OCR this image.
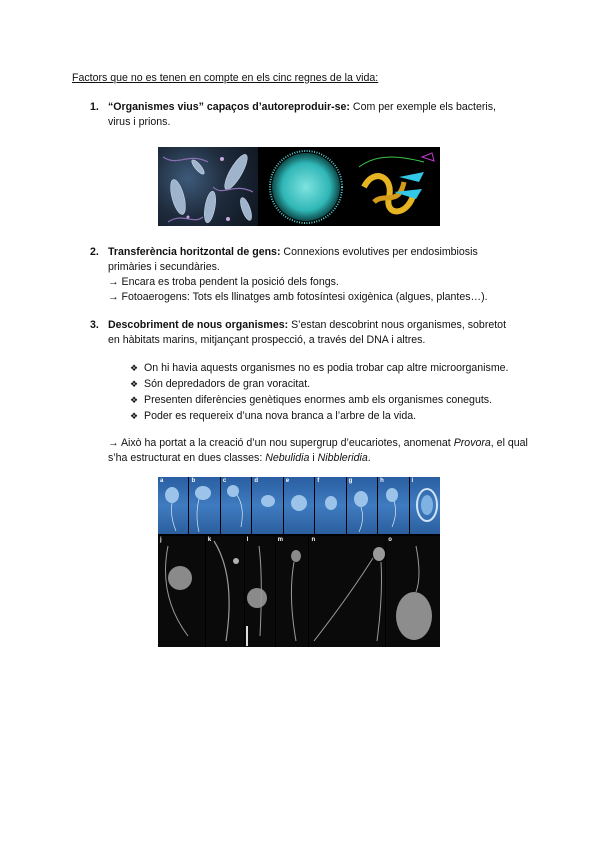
Factors que no es tenen en compte en els cinc regnes de la vida:
1. “Organismes vius” capaços d’autoreproduir-se: Com per exemple els bacteris,
virus i prions.
2. Transferència horitzontal de gens: Connexions evolutives per endosimbiosis
primàries i secundàries.
→ Encara es troba pendent la posició dels fongs.
→ Fotoaerogens: Tots els llinatges amb fotosíntesi oxigènica (algues, plantes…).
3. Descobriment de nous organismes: S’estan descobrint nous organismes, sobretot
en hàbitats marins, mitjançant prospecció, a través del DNA i altres.
❖ On hi havia aquests organismes no es podia trobar cap altre microorganisme.
❖ Són depredadors de gran voracitat.
❖ Presenten diferències genètiques enormes amb els organismes coneguts.
❖ Poder es requereix d’una nova branca a l’arbre de la vida.
→ Això ha portat a la creació d’un nou supergrup d’eucariotes, anomenat Provora, el qual s’ha estructurat en dues classes: Nebulidia i Nibbleridia.
a	b	c	d	e	f	g	h	i
j	k	l	m	n	o
